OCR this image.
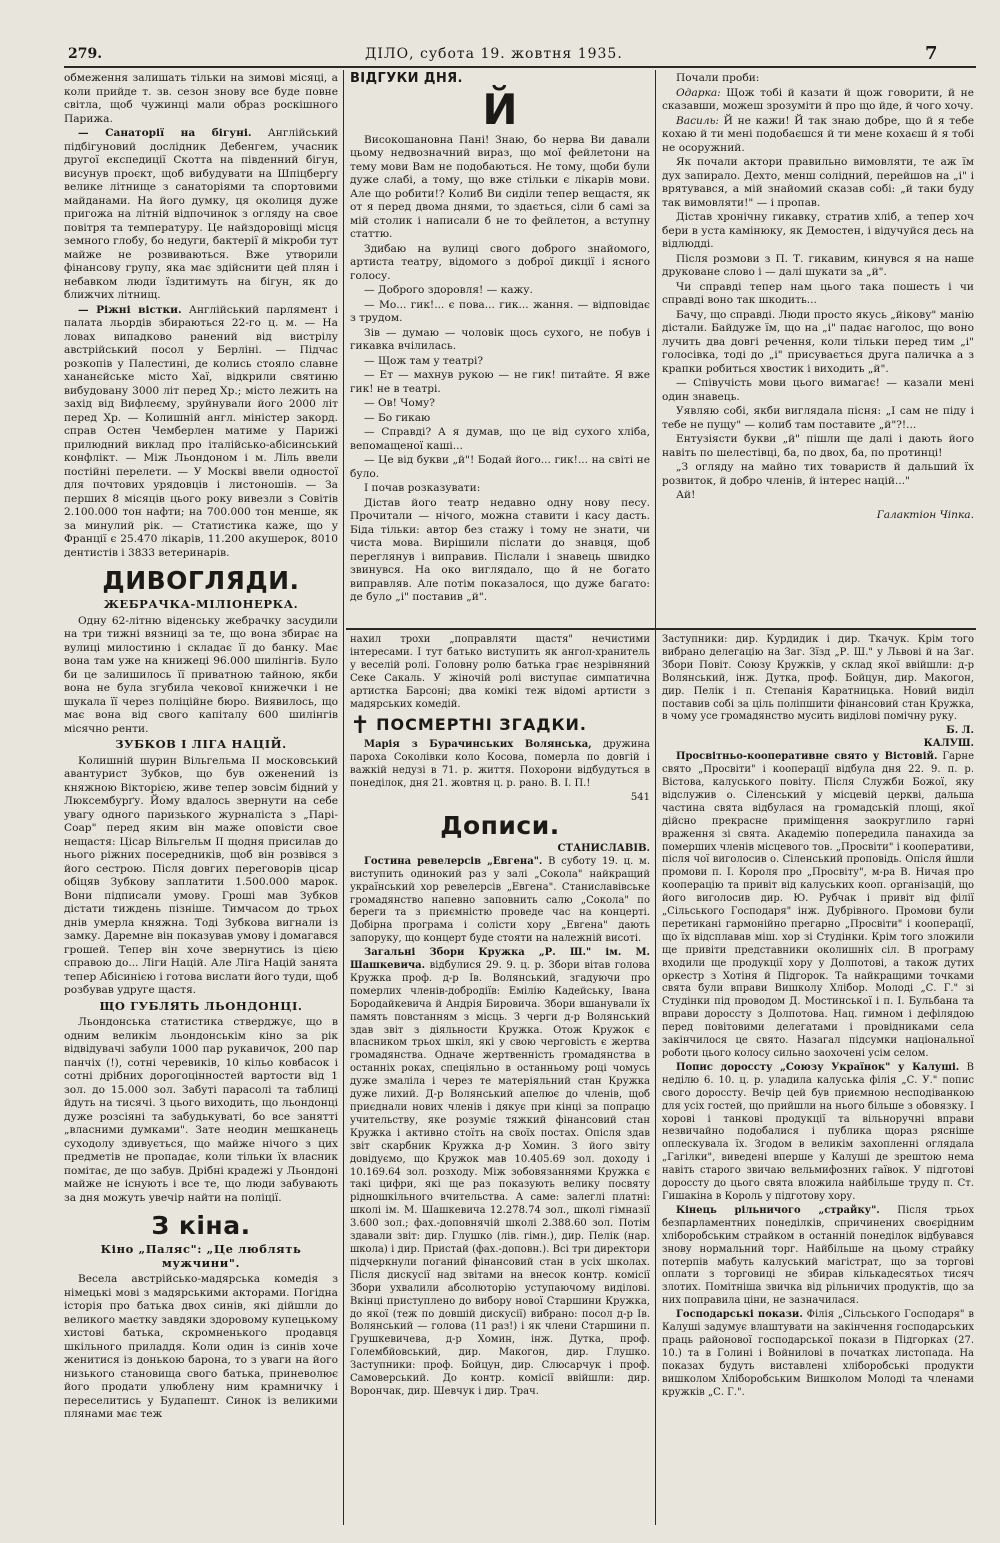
279.	ДІЛО, субота 19. жовтня 1935.	7

обмеження залишать тільки на зимові місяці, а коли прийде т. зв. сезон знову все буде повне світла, щоб чужинці мали образ роскішного Парижа.

— Санаторії на бігуні. Англійський підбігуновий дослідник Дебенгем, учасник другої експедиції Скотта на південний бігун, висунув проєкт, щоб вибудувати на Шпіцберґу велике літнище з санаторіями та спортовими майданами. На його думку, ця околиця дуже пригожа на літній відпочинок з огляду на свое повітря та температуру. Це найздоровіщі місця земного глобу, бо недуги, бактерії й мікроби тут майже не розвиваються. Вже утворили фінансову групу, яка має здійснити цей плян і небавком люди їздитимуть на бігун, як до ближчих літнищ.

— Ріжні вістки. Англійський парлямент і палата льордів збираються 22-го ц. м. — На ловах випадково ранений від вистрілу австрійський посол у Берліні. — Підчас розкопів у Палестині, де колись стояло славне хананєйське місто Хаї, відкрили святиню вибудовану 3000 літ перед Хр.; місто лежить на захід від Вифлеєму, зруйнували його 2000 літ перед Хр. — Колишній англ. міністер закорд. справ Остен Чемберлен матиме у Парижі прилюдний виклад про італійсько-абісинський конфлікт. — Між Льондоном і м. Ліль ввели постійні перелети. — У Москві ввели одностої для почтових урядовців і листоношів. — За перших 8 місяців цього року вивезли з Совітів 2.100.000 тон нафти; на 700.000 тон менше, як за минулий рік. — Статистика каже, що у Франції є 25.470 лікарів, 11.200 акушерок, 8010 дентистів і 3833 ветеринарів.

ДИВОГЛЯДИ.
ЖЕБРАЧКА-МІЛІОНЕРКА.

Одну 62-літню віденську жебрачку засудили на три тижні вязниці за те, що вона збирає на вулиці милостиню і складає її до банку. Має вона там уже на книжеці 96.000 шилінгів. Було би це залишилось її приватною тайною, якби вона не була згубила чекової книжечки і не шукала її через поліційне бюро. Виявилось, що має вона від свого капіталу 600 шилінгів місячно ренти.

ЗУБКОВ І ЛІГА НАЦІЙ.

Колишній шурин Вільгельма ІІ московський авантурист Зубков, що був оженений із княжною Вікторією, живе тепер зовсім бідний у Люксембурґу. Йому вдалось звернути на себе увагу одного паризького журналіста з „Парі-Соар" перед яким він маже оповісти свое нещастя: Цісар Вільгельм ІІ щодня присилав до нього ріжних посередників, щоб він розвівся з його сестрою. Після довгих переговорів цісар обіцяв Зубкову заплатити 1.500.000 марок. Вони підписали умову. Гроші мав Зубков дістати тиждень пізніше. Тимчасом до трьох днів умерла княжна. Тоді Зубкова вигнали із замку. Даремне він показував умову і домагався грошей. Тепер він хоче звернутись із цією справою до... Ліги Націй. Але Ліга Націй занята тепер Абісинією і готова вислати його туди, щоб розбував удруге щастя.

ЩО ГУБЛЯТЬ ЛЬОНДОНЦІ.

Льондонська статистика стверджує, що в одним великім льондонськім кіно за рік відвідувачі забули 1000 пар рукавичок, 200 пар панчіх (!), сотні черевиків, 10 кільо ковбасок і сотні дрібних дорогоцінностей вартости від 1 зол. до 15.000 зол. Забуті парасолі та таблиці йдуть на тисячі. З цього виходить, що льондонці дуже розсіяні та забудькуваті, бо все занятті „власними думками". Зате неодин мешканець суходолу здивується, що майже нічого з цих предметів не пропадає, коли тільки їх власник помітає, де що забув. Дрібні крадежі у Льондоні майже не існують і все те, що люди забувають за дня можуть увечір найти на поліції.

З кіна.
Кіно „Паляс": „Це люблять мужчини".

Весела австрійсько-мадярська комедія з німецькі мові з мадярськими акторами. Погідна історія про батька двох синів, які дійшли до великого маєтку завдяки здоровому купецькому хистові батька, скромненького продавця шкільного приладдя. Коли один із синів хоче женитися із донькою барона, то з уваги на його низького становища свого батька, приневолює його продати улюблену ним крамничку і переселитись у Будапешт. Синок із великими плянами має теж

ВІДГУКИ ДНЯ.
Й

Високошановна Пані! Знаю, бо нерва Ви давали цьому недвозначний вираз, що мої фейлетони на тему мови Вам не подобаються. Не тому, щоби були дуже слабі, а тому, що вже стільки є лікарів мови. Але що робити!? Колиб Ви сиділи тепер вещастя, як от я перед двома днями, то здається, сіли б самі за мій столик і написали б не то фейлетон, а вступну статтю.

Здибаю на вулиці свого доброго знайомого, артиста театру, відомого з доброї дикції і ясного голосу.

— Доброго здоровля! — кажу.

— Мо... гик!... є пова... гик... жання. — відповідає з трудом.

Зів — думаю — чоловік щось сухого, не побув і гикавка вчілилась.

— Щож там у театрі?

— Ет — махнув рукою — не гик! питайте. Я вже гик! не в театрі.

— Ов! Чому?

— Бо гикаю

— Справді? А я думав, що це від сухого хліба, вепомащеної каші...

— Це від букви „й"! Бодай його... гик!... на світі не було.

І почав розказувати:

Дістав його театр недавно одну нову песу. Прочитали — нічого, можна ставити і касу дасть. Біда тільки: автор без стажу і тому не знати, чи чиста мова. Вирішили післати до знавця, щоб переглянув і виправив. Післали і знавець швидко звинувся. На око виглядало, що й не богато виправляв. Але потім показалося, що дуже багато: де було „і" поставив „й".

Почали проби:

Одарка: Щож тобі й казати й щож говорити, й не сказавши, можеш зрозуміти й про що йде, й чого хочу.

Василь: Й не кажи! Й так знаю добре, що й я тебе кохаю й ти мені подобаєшся й ти мене кохаєш й я тобі не осоружний.

Як почали актори правильно вимовляти, те аж їм дух запирало. Дехто, менш солідний, перейшов на „і" і врятувався, а мій знайомий сказав собі: „й таки буду так вимовляти!" — і пропав.

Дістав хронічну гикавку, стратив хліб, а тепер хоч бери в уста камінюку, як Демостен, і відучуйся десь на відлюдді.

Після розмови з П. Т. гикавим, кинувся я на наше друковане слово і — далі шукати за „й".

Чи справді тепер нам цього така пошесть і чи справді воно так шкодить...

Бачу, що справді. Люди просто якусь „йікову" манію дістали. Байдуже їм, що на „і" падає наголос, що воно лучить два довгі речення, коли тільки перед тим „і" голосівка, тоді до „і" присувається друга паличка а з крапки робиться хвостик і виходить „й".

— Співучість мови цього вимагає! — казали мені один знавець.

Уявляю собі, якби виглядала пісня: „І сам не піду і тебе не пущу" — колиб там поставите „й"?!...

Ентузіясти букви „й" пішли ще далі і дають його навіть по шелестівці, ба, по двох, ба, по протинці!

„З огляду на майно тих товариств й дальший їх розвиток, й добро членів, й інтерес націй..."

Ай!

Галактіон Чіпка.

нахил трохи „поправляти щастя" нечистими інтересами. І тут батько виступить як ангол-хранитель у веселій ролі. Головну ролю батька грає незрівняний Секе Сакаль. У жіночій ролі виступає симпатична артистка Барсоні; два комікі теж відомі артисти з мадярських комедій.

✝ ПОСМЕРТНІ ЗГАДКИ.

Марія з Бурачинських Волянська, дружина пароха Соколівки коло Косова, померла по довгій і важкій недузі в 71. р. життя. Похорони відбудуться в понеділок, дня 21. жовтня ц. р. рано. В. І. П.!

541
Дописи.
СТАНИСЛАВІВ.

Гостина ревелерсів „Евгена". В суботу 19. ц. м. виступить одинокий раз у залі „Сокола" найкращий український хор ревелерсів „Евгена". Станиславівське громадянство напевно заповнить салю „Сокола" по береги та з приємністю проведе час на концерті. Добірна програма і солісти хору „Евгена" дають запоруку, що концерт буде стояти на належній висоті.

Загальні Збори Кружка „Р. Ш." ім. М. Шашкевича. відбулися 29. 9. ц. р. Збори вітав голова Кружка проф. д-р Ів. Волянський, згадуючи про померлих членів-добродіїв: Емілію Кадейську, Івана Бородайкевича й Андрія Бировича. Збори вшанували їх память повстанням з місць. З черги д-р Волянський здав звіт з діяльности Кружка. Отож Кружок є власником трьох шкіл, які у свою черговість є жертва громадянства. Одначе жертвенність громадянства в останніх роках, спеціяльно в останньому році чомусь дуже змаліла і через те матеріяльний стан Кружка дуже лихий. Д-р Волянський апелює до членів, щоб приєднали нових членів і дякує при кінці за попрацю учительству, яке розуміє тяжкий фінансовий стан Кружка і активно стоїть на своїх постах. Опісля здав звіт скарбник Кружка д-р Хомин. З його звіту довідуємо, що Кружок мав 10.405.69 зол. доходу і 10.169.64 зол. розходу. Між зобовязаннями Кружка є такі цифри, які ще раз показують велику посвяту рідношкільного вчительства. А саме: залеглі платні: школі ім. М. Шашкевича 12.278.74 зол., школі гімназії 3.600 зол.; фах.-доповнячій школі 2.388.60 зол. Потім здавали звіт: дир. Глушко (лів. гімн.), дир. Пелік (нар. школа) і дир. Пристай (фах.-доповн.). Всі три директори підчеркнули поганий фінансовий стан в усіх школах. Після дискусії над звітами на внесок контр. комісії Збори ухвалили абсолюторію уступаючому виділові. Вкінці приступлено до вибору нової Старшини Кружка, до якої (теж по довшій дискусії) вибрано: посол д-р Ів. Волянський — голова (11 раз!) і як члени Старшини п. Грушкевичева, д-р Хомин, інж. Дутка, проф. Голембйовський, дир. Макогон, дир. Глушко. Заступники: проф. Бойцун, дир. Слюсарчук і проф. Самоверський. До контр. комісії ввійшли: дир. Ворончак, дир. Шевчук і дир. Трач.

Заступники: дир. Курдидик і дир. Ткачук. Крім того вибрано делегацію на Заг. Зїзд „Р. Ш." у Львові й на Заг. Збори Повіт. Союзу Кружків, у склад якої ввійшли: д-р Волянський, інж. Дутка, проф. Бойцун, дир. Макогон, дир. Пелік і п. Степанія Каратницька. Новий виділ поставив собі за ціль поліпшити фінансовий стан Кружка, в чому усе громадянство мусить виділові помічну руку.

Б. Л.
КАЛУШ.

Просвітньо-кооперативне свято у Вістовій. Гарне свято „Просвіти" і кооперації відбула дня 22. 9. п. р. Вістова, калуського повіту. Після Служби Божої, яку відслужив о. Сіленський у місцевій церкві, дальша частина свята відбулася на громадській площі, якої дійсно прекрасне приміщення заокруглило гарні враження зі свята. Академію попередила панахида за померших членів місцевого тов. „Просвіти" і кооперативи, після чої виголосив о. Сіленський проповідь. Опісля йшли промови п. І. Короля про „Просвіту", м-ра В. Ничая про кооперацію та привіт від калуських кооп. організацій, що його виголосив дир. Ю. Рубчак і привіт від філії „Сільського Господаря" інж. Дубрівного. Промови були перетикані гармонійно прегарно „Просвіти" і кооперації, що їх відсплавав міш. хор зі Студінки. Крім того зложили ще привіти представники околишніх сіл. В програму входили ще продукції хору у Долпотові, а також дутих оркестр з Хотіня й Підгорок. Та найкращими точками свята були вправи Вишколу Хлібор. Молоді „С. Г." зі Студінки під проводом Д. Мостинської і п. І. Бульбана та вправи дороссту з Долпотова. Нац. гимном і дефілядою перед повітовими делегатами і провідниками села закінчилося це свято. Назагал підсумки національної роботи цього колосу сильно заохочені усім селом.

Попис дороссту „Союзу Українок" у Калуші. В неділю 6. 10. ц. р. уладила калуська філія „С. У." попис свого дороссту. Вечір цей був приємною несподіванкою для усіх гостей, що прийшли на нього більше з обовязку. І хорові і танкові продукції та вільноручні вправи незвичайно подобалися і публика щораз рясніше оплескувала їх. Згодом в великім захопленні оглядала „Гагілки", виведені вперше у Калуші де зрештою нема навіть старого звичаю вельмифозних гаївок. У підготові дороссту до цього свята вложила найбільше труду п. Ст. Гишакіна в Король у підготову хору.

Кінець рільничого „страйку". Після трьох безпарламентних понеділків, спричинених своєрідним хліборобським страйком в останній понеділок відбувався знову нормальний торг. Найбільше на цьому страйку потерпів мабуть калуський магістрат, що за торгові оплати з торговиці не збирав кількадесятьох тисяч злотих. Помітніша звичка від рільничих продуктів, що за них поправила ціни, не зазначилася.

Господарські покази. Філія „Сільського Господаря" в Калуші задумує влаштувати на закінчення господарських праць районової господарської покази в Підгорках (27. 10.) та в Голині і Войнилові в початках листопада. На показах будуть виставлені хліборобські продукти вишколом Хліборобським Вишколом Молоді та членами кружків „С. Г.".
